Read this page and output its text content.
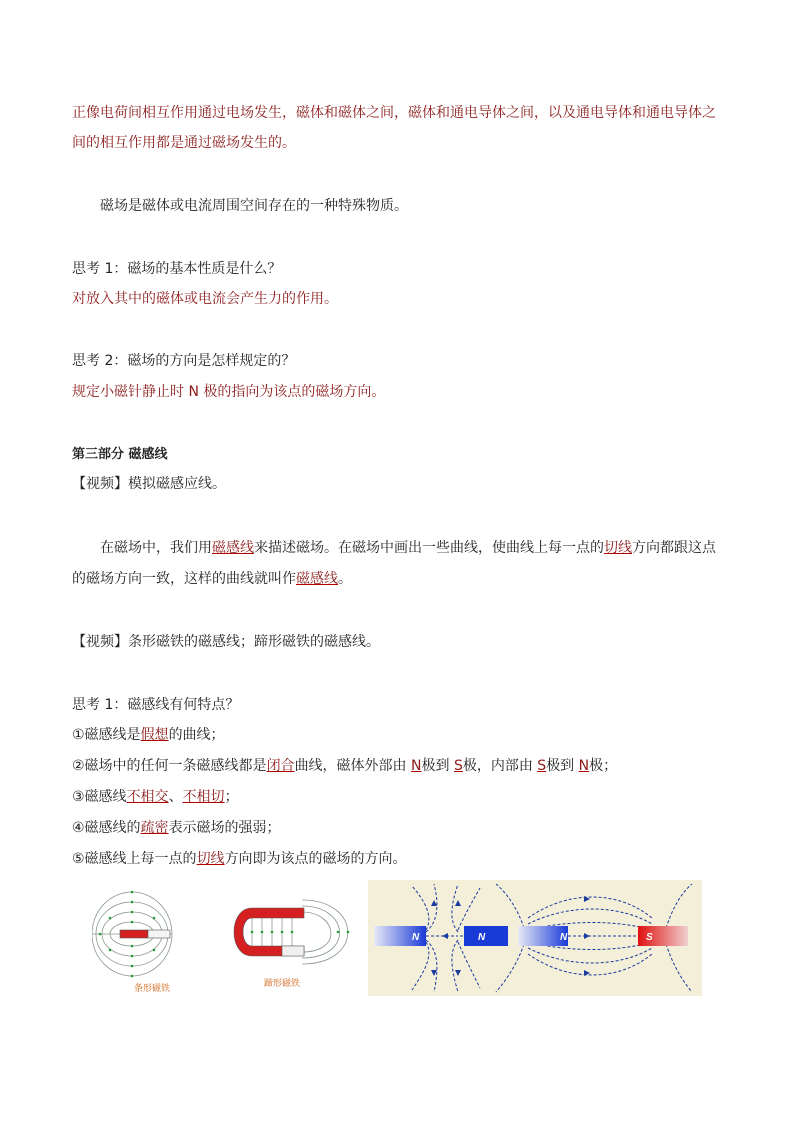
正像电荷间相互作用通过电场发生，磁体和磁体之间，磁体和通电导体之间，以及通电导体和通电导体之
间的相互作用都是通过磁场发生的。
磁场是磁体或电流周围空间存在的一种特殊物质。
思考 1：磁场的基本性质是什么？
对放入其中的磁体或电流会产生力的作用。
思考 2：磁场的方向是怎样规定的？
规定小磁针静止时 N 极的指向为该点的磁场方向。
第三部分 磁感线
【视频】模拟磁感应线。
在磁场中，我们用磁感线来描述磁场。在磁场中画出一些曲线，使曲线上每一点的切线方向都跟这点
的磁场方向一致，这样的曲线就叫作磁感线。
【视频】条形磁铁的磁感线；蹄形磁铁的磁感线。
思考 1：磁感线有何特点？
①磁感线是假想的曲线；
②磁场中的任何一条磁感线都是闭合曲线，磁体外部由 N极到 S极，内部由 S极到 N极；
③磁感线不相交、不相切；
④磁感线的疏密表示磁场的强弱；
⑤磁感线上每一点的切线方向即为该点的磁场的方向。
条形磁铁	蹄形磁铁
N	N	N	S
